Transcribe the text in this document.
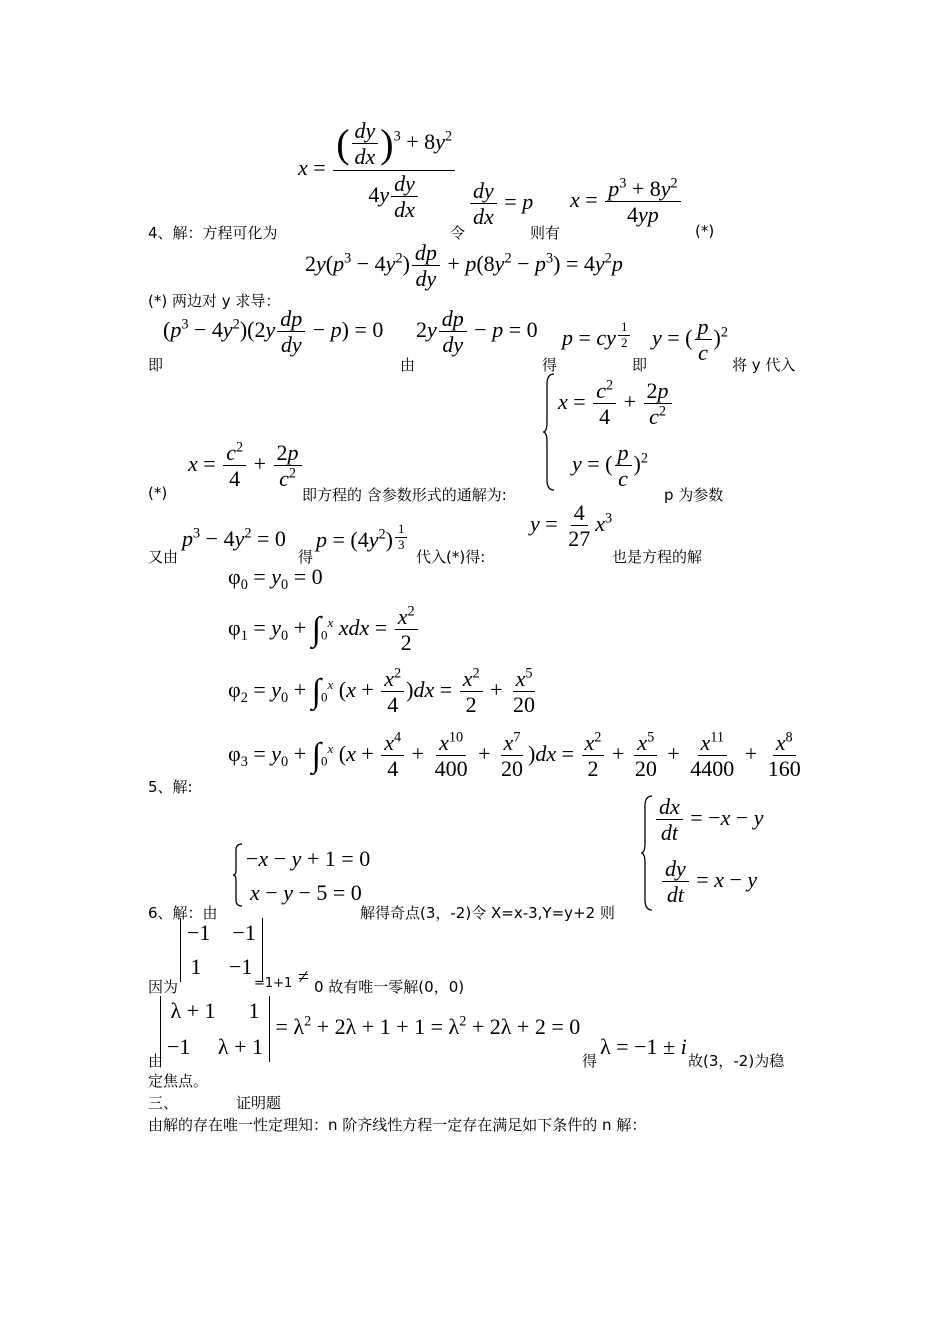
$x = \frac{( \frac{dy}{dx} )^3 + 8y^2}{4y \frac{dy}{dx}}$
4、解：方程可化为	令
$\frac{dy}{dx} = p$
则有
$x = \frac{p^3 + 8y^2}{4yp}$
(*)
$2y(p^3 - 4y^2) \frac{dp}{dy} + p(8y^2 - p^3) = 4y^2p$
(*) 两边对 y 求导：
$(p^3 - 4y^2)(2y \frac{dp}{dy} - p) = 0$
即
$2y \frac{dp}{dy} - p = 0$
由	得
p = cy $\frac{1}{2}$
即
y = ( $\frac{p}{c} )^2$
将 y 代入
$x = \frac{c^2}{4} + \frac{2p}{c^2}$
y = ( $\frac{p}{c} )^2$
(*)
$x = \frac{c^2}{4} + \frac{2p}{c^2}$
即方程的 含参数形式的通解为:	p 为参数
又由
$p^3 - 4y^2 = 0$
得
$p = (4y^2) \frac{1}{3}$
代入(*)得:
$y = \frac{4}{27} x^3$
也是方程的解
$\varphi_0 = y_0 = 0$
$\varphi_1 = y_0 + \int_0^x$ xdx = $\frac{x^2}{2}$
$\varphi_2 = y_0 + \int_0^x$ $(x + \frac{x^2}{4} )dx = \frac{x^2}{2} + \frac{x^5}{20}$
$\varphi_3 = y_0 + \int_0^x$ $(x + \frac{x^4}{4} + \frac{x^{10}}{400} + \frac{x^7}{20} )dx = \frac{x^2}{2} + \frac{x^5}{20} + \frac{x^{11}}{4400} + \frac{x^8}{160}$
5、解:
−x − y + 1 = 0
x − y − 5 = 0
6、解：由	解得奇点(3，-2)令 X=x-3,Y=y+2 则
$\frac{dx}{dt} = -x - y$
$\frac{dy}{dt} = x - y$
−1    −1
1     −1
因为	=1+1 ≠ 0 故有唯一零解(0，0)
λ + 1      1
−1     λ + 1
= $\lambda^2 + 2\lambda + 1 + 1 = \lambda^2 + 2\lambda + 2 = 0$
由	得
λ = −1 ± i
故(3，-2)为稳
定焦点。
三、	证明题
由解的存在唯一性定理知：n 阶齐线性方程一定存在满足如下条件的 n 解：
